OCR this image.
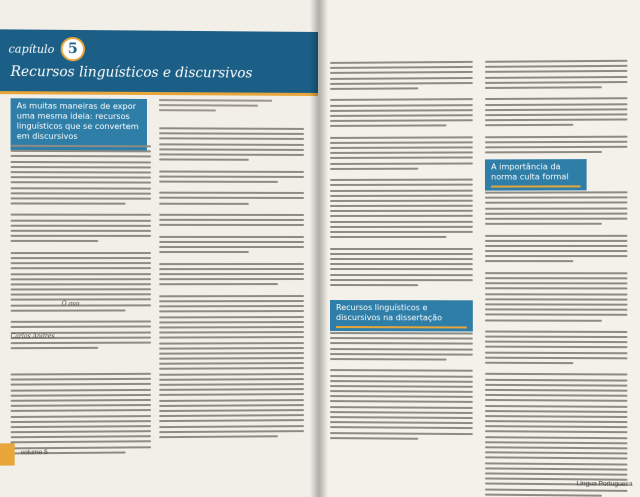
capítulo 5
Recursos linguísticos e discursivos
As muitas maneiras de expor uma mesma ideia: recursos linguísticos que se convertem em discursivos
O ovo
Carlos Andrés
volume 5
Recursos linguísticos e discursivos na dissertação
A importância da norma culta formal
Língua Portuguesa
